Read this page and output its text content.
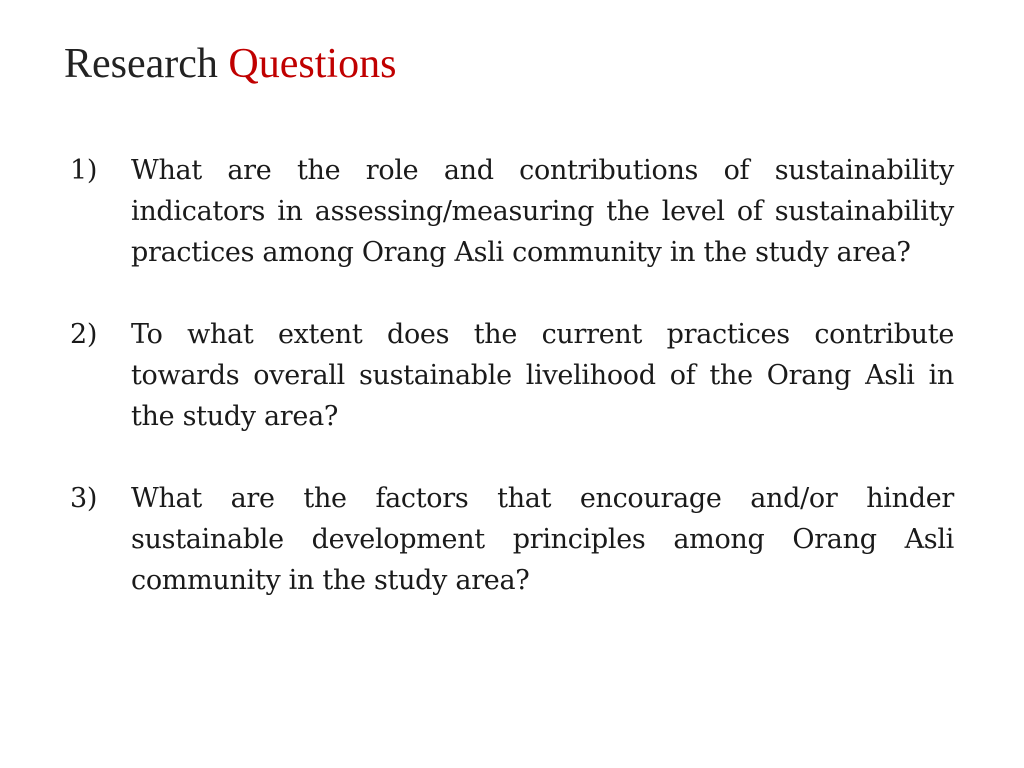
Research Questions
1) What are the role and contributions of sustainability indicators in assessing/measuring the level of sustainability practices among Orang Asli community in the study area?
2) To what extent does the current practices contribute towards overall sustainable livelihood of the Orang Asli in the study area?
3) What are the factors that encourage and/or hinder sustainable development principles among Orang Asli community in the study area?
